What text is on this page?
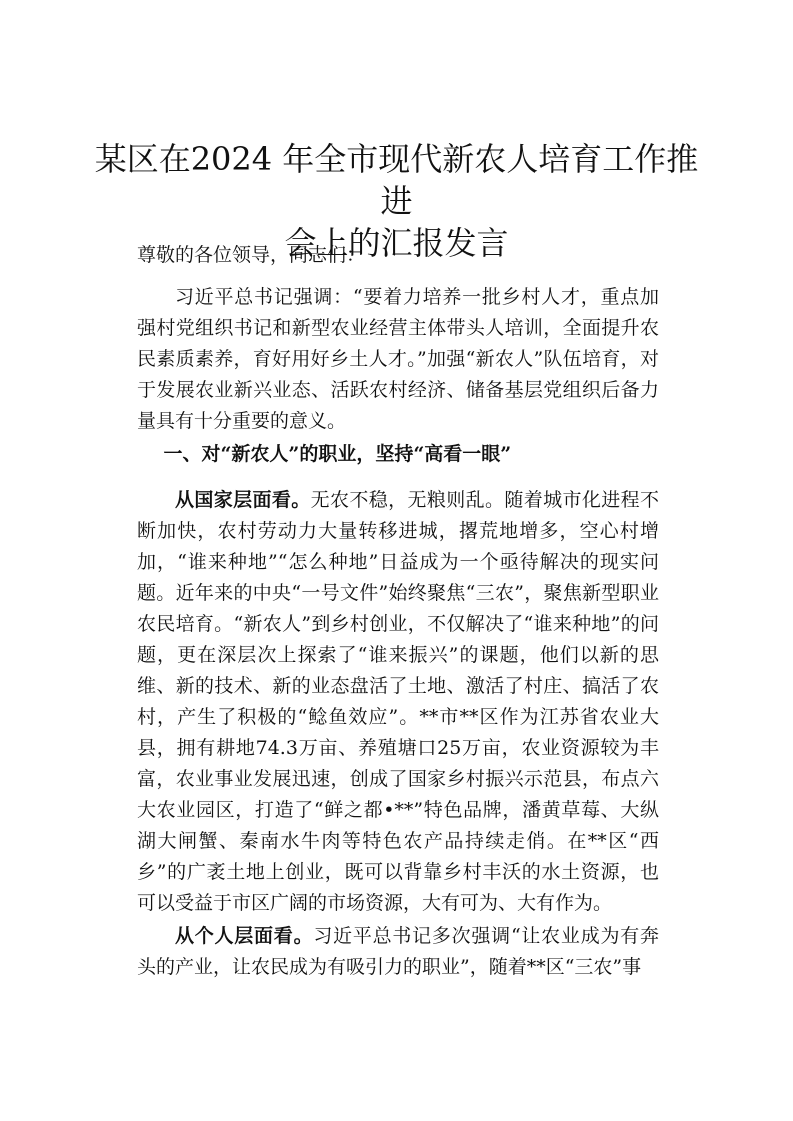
某区在2024 年全市现代新农人培育工作推进
会上的汇报发言

尊敬的各位领导，同志们：

习近平总书记强调：“要着力培养一批乡村人才，重点加强村党组织书记和新型农业经营主体带头人培训，全面提升农民素质素养，育好用好乡土人才。”加强“新农人”队伍培育，对于发展农业新兴业态、活跃农村经济、储备基层党组织后备力量具有十分重要的意义。

一、对“新农人”的职业，坚持“高看一眼”

从国家层面看。无农不稳，无粮则乱。随着城市化进程不断加快，农村劳动力大量转移进城，撂荒地增多，空心村增加，“谁来种地”“怎么种地”日益成为一个亟待解决的现实问题。近年来的中央“一号文件”始终聚焦“三农”，聚焦新型职业农民培育。“新农人”到乡村创业，不仅解决了“谁来种地”的问题，更在深层次上探索了“谁来振兴”的课题，他们以新的思维、新的技术、新的业态盘活了土地、激活了村庄、搞活了农村，产生了积极的“鲶鱼效应”。**市**区作为江苏省农业大县，拥有耕地74.3万亩、养殖塘口25万亩，农业资源较为丰富，农业事业发展迅速，创成了国家乡村振兴示范县，布点六大农业园区，打造了“鲜之都•**”特色品牌，潘黄草莓、大纵湖大闸蟹、秦南水牛肉等特色农产品持续走俏。在**区“西乡”的广袤土地上创业，既可以背靠乡村丰沃的水土资源，也可以受益于市区广阔的市场资源，大有可为、大有作为。

从个人层面看。习近平总书记多次强调“让农业成为有奔头的产业，让农民成为有吸引力的职业”，随着**区“三农”事
